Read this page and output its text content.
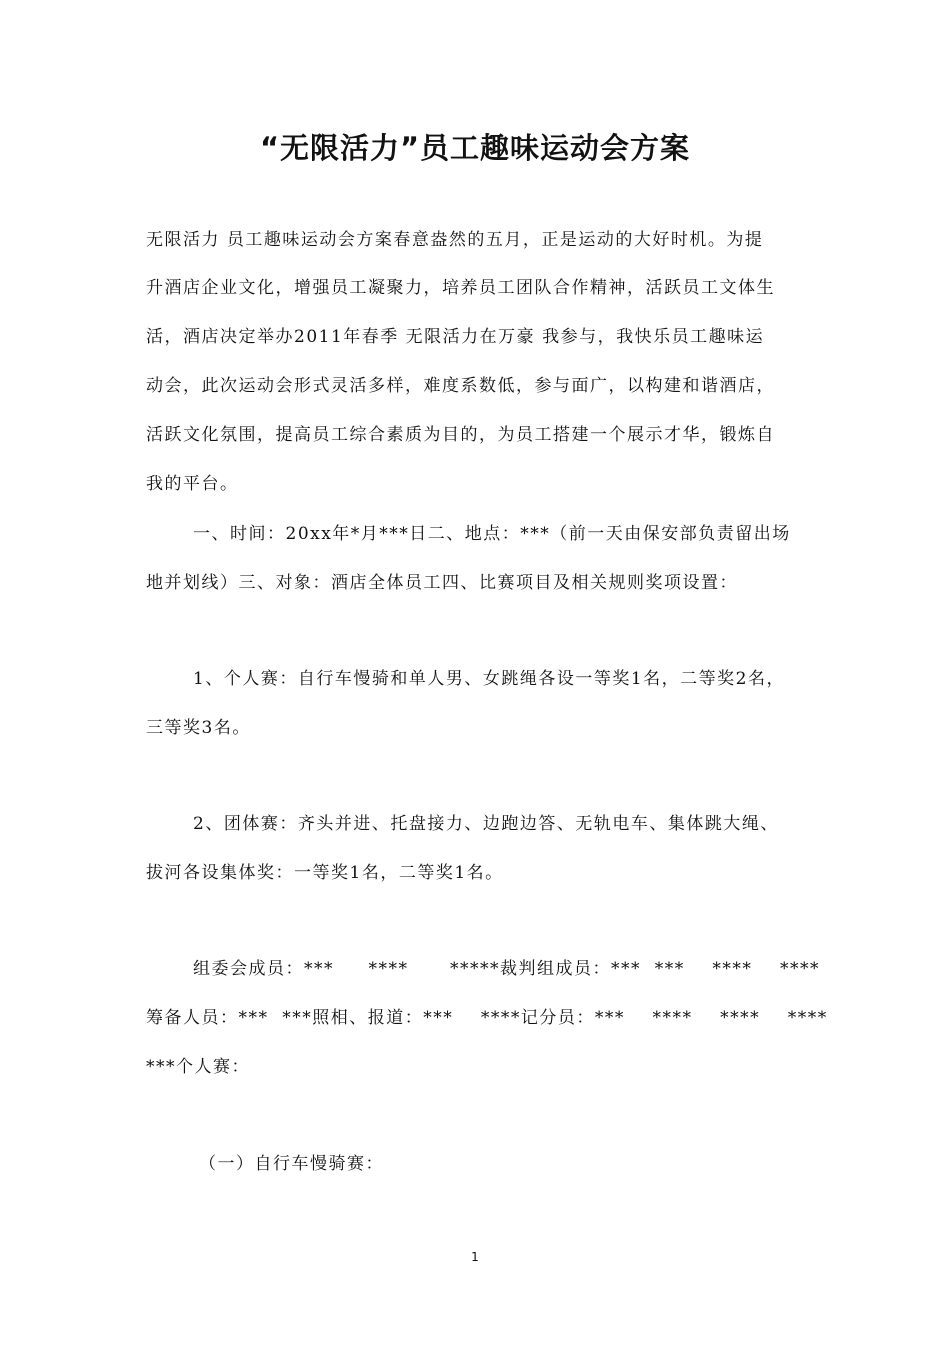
“无限活力”员工趣味运动会方案
无限活力 员工趣味运动会方案春意盎然的五月，正是运动的大好时机。为提
升酒店企业文化，增强员工凝聚力，培养员工团队合作精神，活跃员工文体生
活，酒店决定举办2011年春季 无限活力在万豪 我参与，我快乐员工趣味运
动会，此次运动会形式灵活多样，难度系数低，参与面广，以构建和谐酒店，
活跃文化氛围，提高员工综合素质为目的，为员工搭建一个展示才华，锻炼自
我的平台。
一、时间：20xx年*月***日二、地点：***（前一天由保安部负责留出场
地并划线）三、对象：酒店全体员工四、比赛项目及相关规则奖项设置：
1、个人赛：自行车慢骑和单人男、女跳绳各设一等奖1名，二等奖2名，
三等奖3名。
2、团体赛：齐头并进、托盘接力、边跑边答、无轨电车、集体跳大绳、
拔河各设集体奖：一等奖1名，二等奖1名。
组委会成员：***     ****      *****裁判组成员：***  ***    ****    ****
筹备人员：***  ***照相、报道：***    ****记分员：***    ****    ****    ****
***个人赛：
（一）自行车慢骑赛：
1
